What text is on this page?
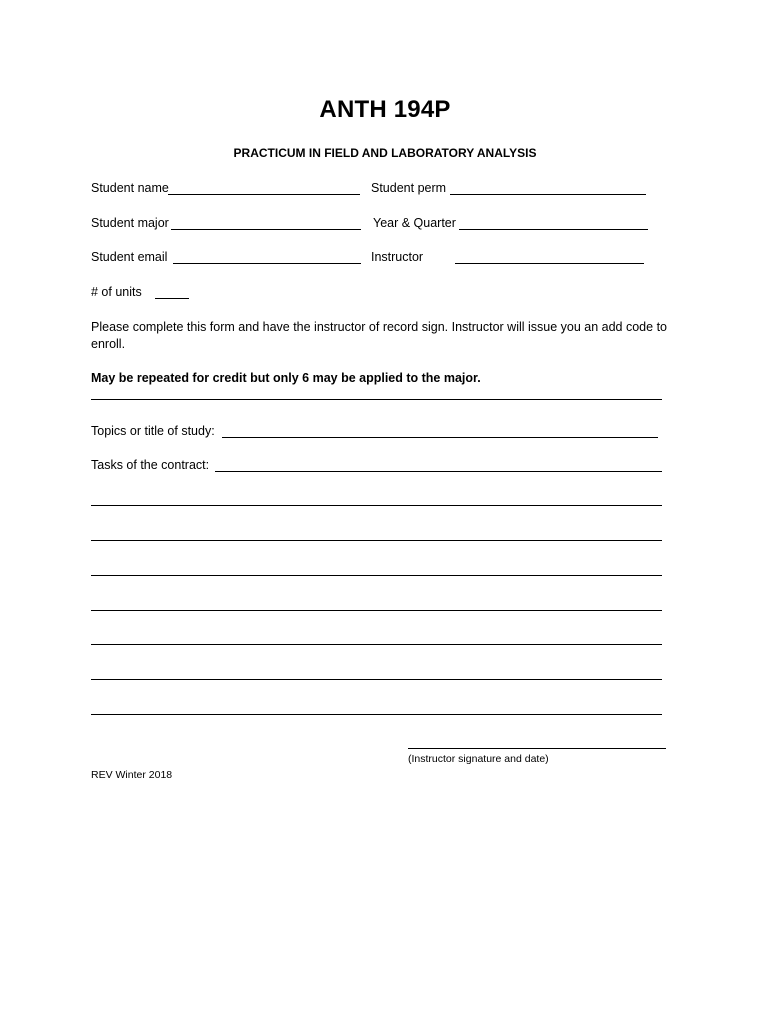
ANTH 194P
PRACTICUM IN FIELD AND LABORATORY ANALYSIS
Student name	Student perm
Student major	Year & Quarter
Student email	Instructor
# of units
Please complete this form and have the instructor of record sign. Instructor will issue you an add code to
enroll.
May be repeated for credit but only 6 may be applied to the major.
Topics or title of study:
Tasks of the contract:
(Instructor signature and date)
REV Winter 2018
